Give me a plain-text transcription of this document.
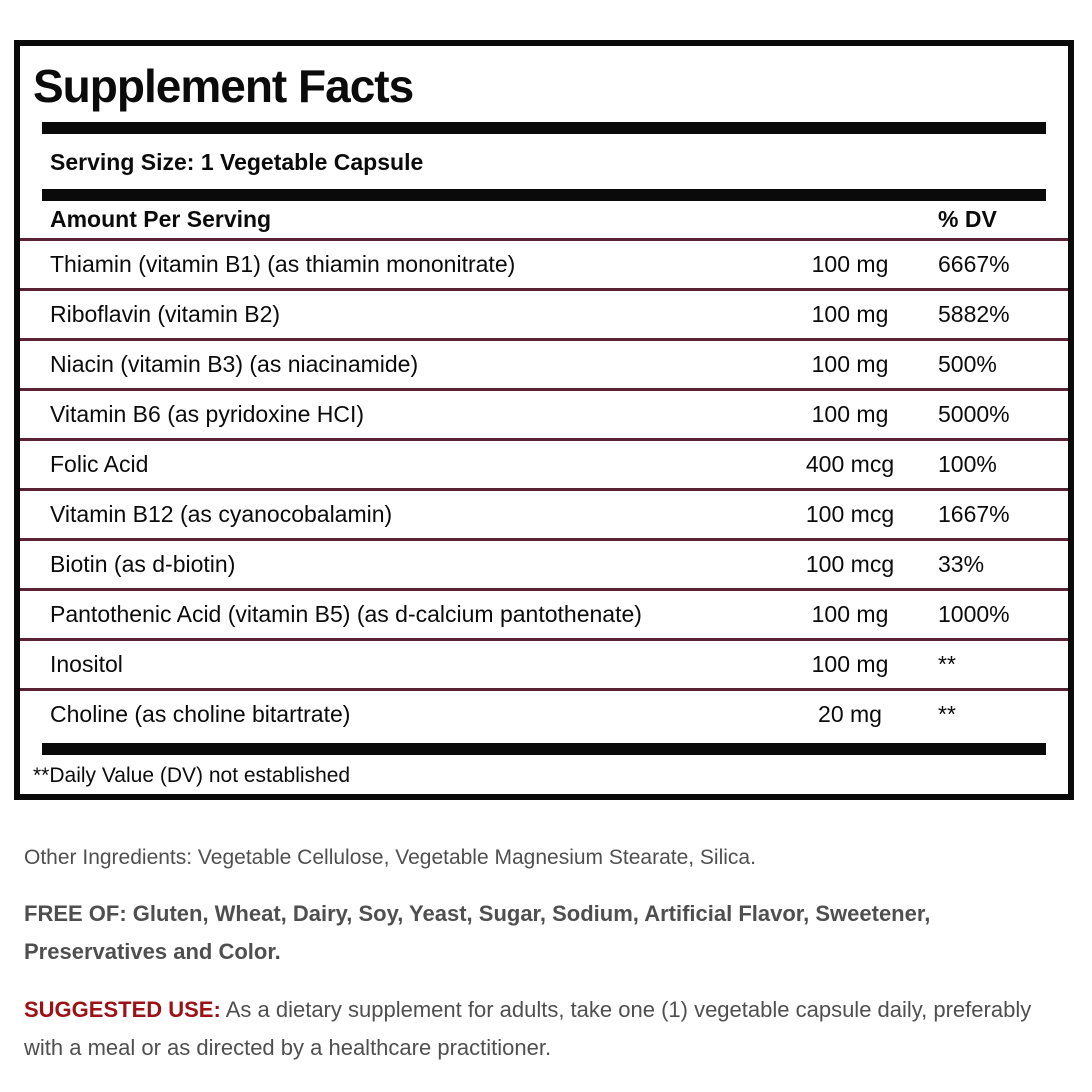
Supplement Facts
Serving Size: 1 Vegetable Capsule
Amount Per Serving	% DV
Thiamin (vitamin B1) (as thiamin mononitrate)	100 mg	6667%
Riboflavin (vitamin B2)	100 mg	5882%
Niacin (vitamin B3) (as niacinamide)	100 mg	500%
Vitamin B6 (as pyridoxine HCI)	100 mg	5000%
Folic Acid	400 mcg	100%
Vitamin B12 (as cyanocobalamin)	100 mcg	1667%
Biotin (as d-biotin)	100 mcg	33%
Pantothenic Acid (vitamin B5) (as d-calcium pantothenate)	100 mg	1000%
Inositol	100 mg	**
Choline (as choline bitartrate)	20 mg	**
**Daily Value (DV) not established
Other Ingredients: Vegetable Cellulose, Vegetable Magnesium Stearate, Silica.
FREE OF: Gluten, Wheat, Dairy, Soy, Yeast, Sugar, Sodium, Artificial Flavor, Sweetener, Preservatives and Color.
SUGGESTED USE: As a dietary supplement for adults, take one (1) vegetable capsule daily, preferably with a meal or as directed by a healthcare practitioner.
